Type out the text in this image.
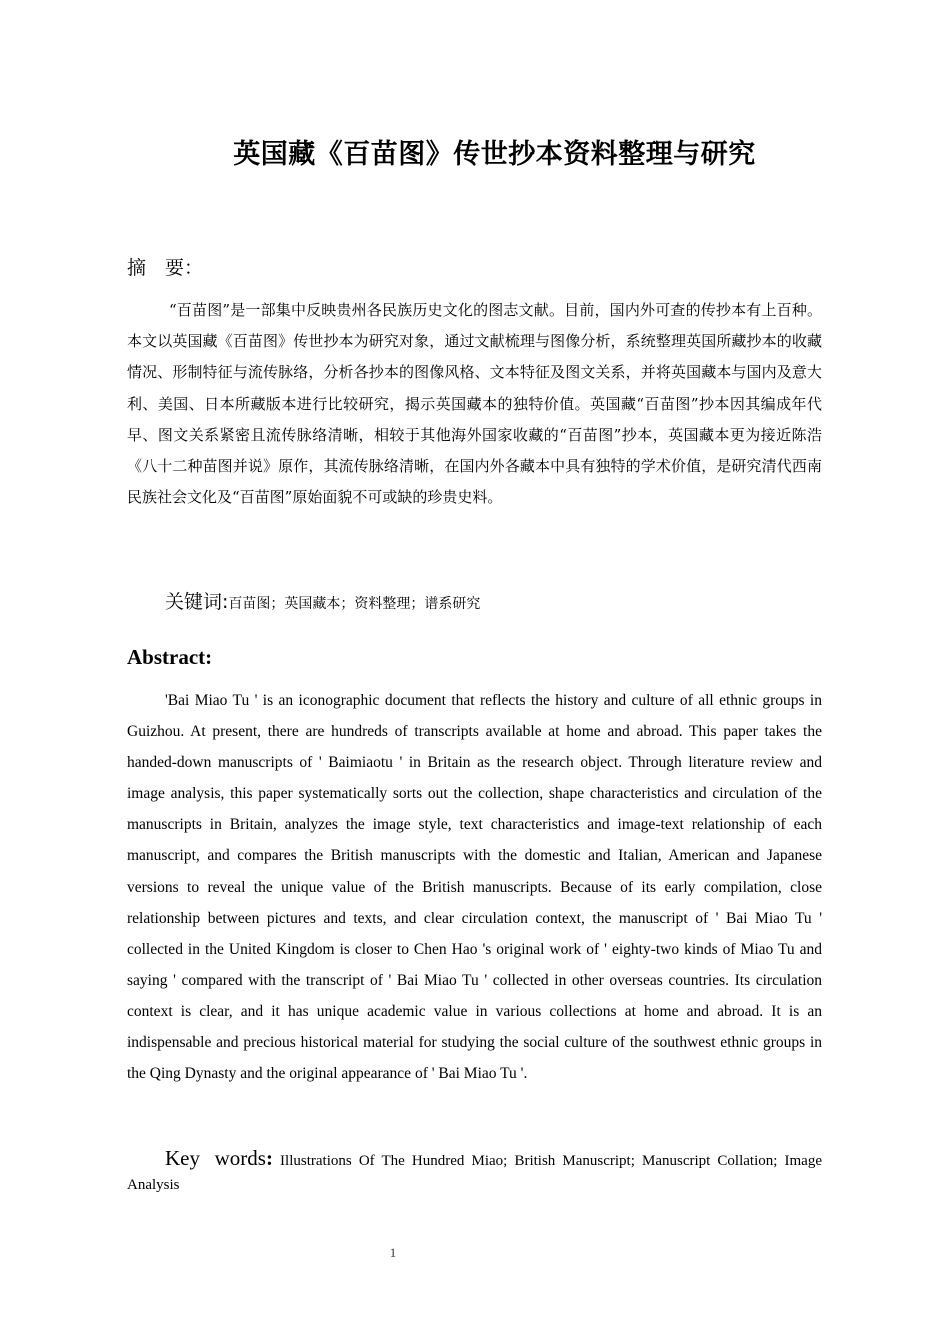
英国藏《百苗图》传世抄本资料整理与研究
摘　要：

“百苗图”是一部集中反映贵州各民族历史文化的图志文献。目前，国内外可查的传抄本有上百种。本文以英国藏《百苗图》传世抄本为研究对象，通过文献梳理与图像分析，系统整理英国所藏抄本的收藏情况、形制特征与流传脉络，分析各抄本的图像风格、文本特征及图文关系，并将英国藏本与国内及意大利、美国、日本所藏版本进行比较研究，揭示英国藏本的独特价值。英国藏“百苗图”抄本因其编成年代早、图文关系紧密且流传脉络清晰，相较于其他海外国家收藏的“百苗图”抄本，英国藏本更为接近陈浩《八十二种苗图并说》原作，其流传脉络清晰，在国内外各藏本中具有独特的学术价值，是研究清代西南民族社会文化及“百苗图”原始面貌不可或缺的珍贵史料。

关键词:百苗图；英国藏本；资料整理；谱系研究

Abstract:

'Bai Miao Tu ' is an iconographic document that reflects the history and culture of all ethnic groups in Guizhou. At present, there are hundreds of transcripts available at home and abroad. This paper takes the handed-down manuscripts of ' Baimiaotu ' in Britain as the research object. Through literature review and image analysis, this paper systematically sorts out the collection, shape characteristics and circulation of the manuscripts in Britain, analyzes the image style, text characteristics and image-text relationship of each manuscript, and compares the British manuscripts with the domestic and Italian, American and Japanese versions to reveal the unique value of the British manuscripts. Because of its early compilation, close relationship between pictures and texts, and clear circulation context, the manuscript of ' Bai Miao Tu ' collected in the United Kingdom is closer to Chen Hao 's original work of ' eighty-two kinds of Miao Tu and saying ' compared with the transcript of ' Bai Miao Tu ' collected in other overseas countries. Its circulation context is clear, and it has unique academic value in various collections at home and abroad. It is an indispensable and precious historical material for studying the social culture of the southwest ethnic groups in the Qing Dynasty and the original appearance of ' Bai Miao Tu '.

Key words: Illustrations Of The Hundred Miao; British Manuscript; Manuscript Collation; Image Analysis

1
